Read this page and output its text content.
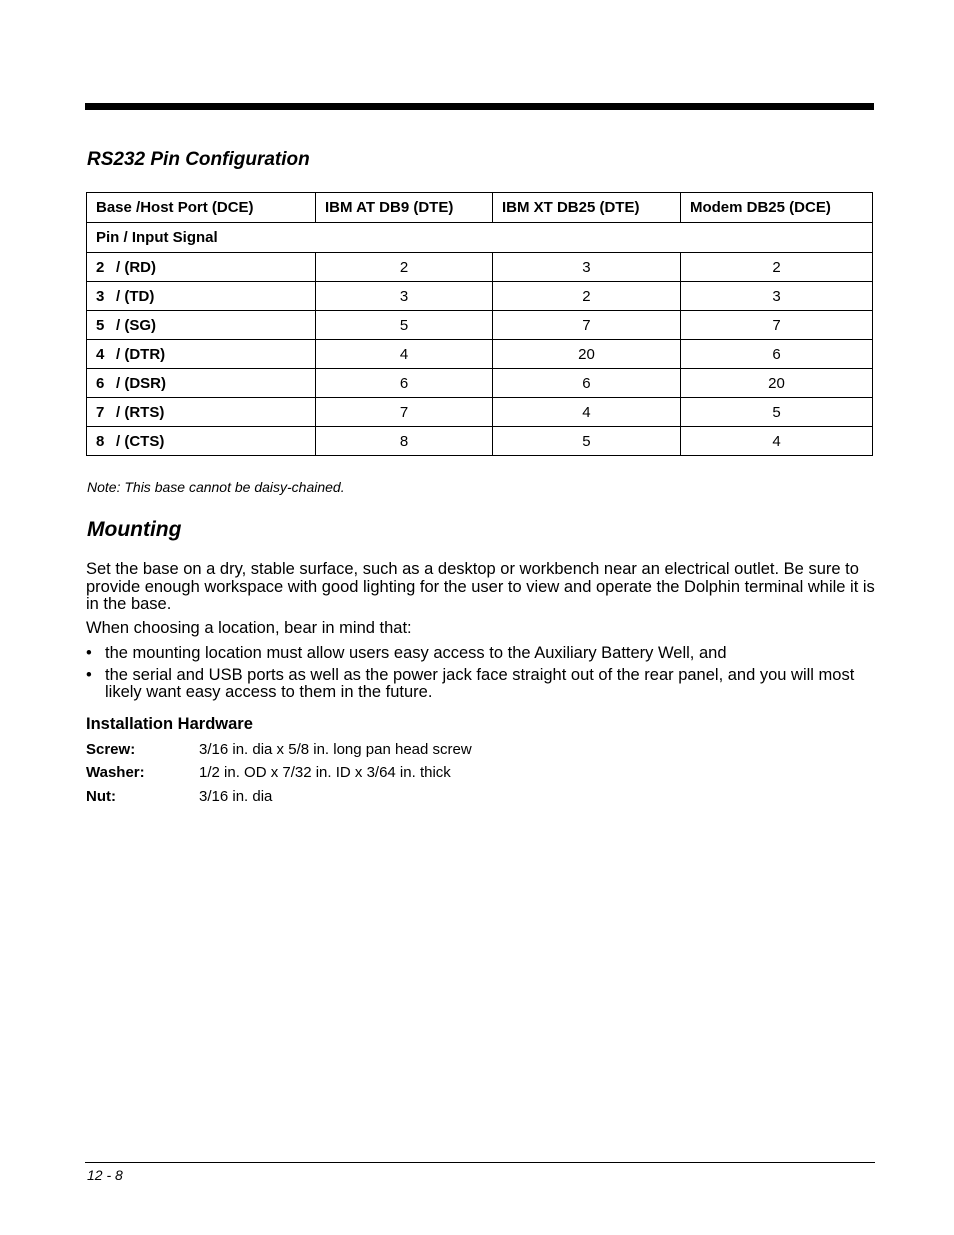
RS232 Pin Configuration
Base /Host Port (DCE)	IBM AT DB9 (DTE)	IBM XT DB25 (DTE)	Modem DB25 (DCE)
Pin / Input Signal			
2 / (RD)	2	3	2
3 / (TD)	3	2	3
5 / (SG)	5	7	7
4 / (DTR)	4	20	6
6 / (DSR)	6	6	20
7 / (RTS)	7	4	5
8 / (CTS)	8	5	4
Note: This base cannot be daisy-chained.
Mounting

Set the base on a dry, stable surface, such as a desktop or workbench near an electrical outlet. Be sure to provide enough workspace with good lighting for the user to view and operate the Dolphin terminal while it is in the base.

When choosing a location, bear in mind that:

• the mounting location must allow users easy access to the Auxiliary Battery Well, and
• the serial and USB ports as well as the power jack face straight out of the rear panel, and you will most likely want easy access to them in the future.
Installation Hardware
Screw:	3/16 in. dia x 5/8 in. long pan head screw
Washer:	1/2 in. OD x 7/32 in. ID x 3/64 in. thick
Nut:	3/16 in. dia
12 - 8
